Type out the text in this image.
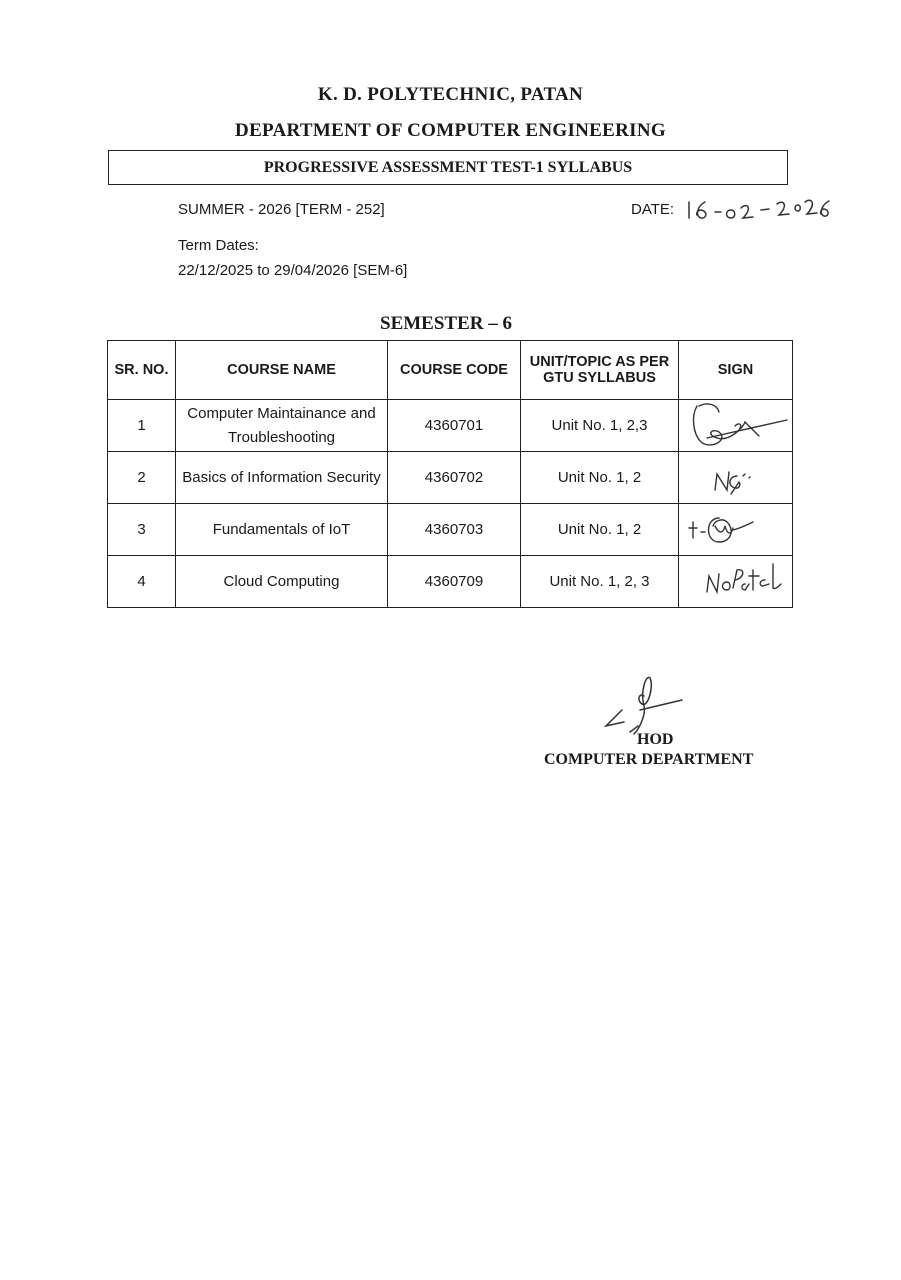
K. D. POLYTECHNIC, PATAN
DEPARTMENT OF COMPUTER ENGINEERING
PROGRESSIVE ASSESSMENT TEST-1 SYLLABUS
SUMMER - 2026 [TERM - 252]	DATE:
Term Dates:
22/12/2025 to 29/04/2026 [SEM-6]
SEMESTER – 6
SR. NO.	COURSE NAME	COURSE CODE	UNIT/TOPIC AS PER GTU SYLLABUS	SIGN
1	Computer Maintainance and Troubleshooting	4360701	Unit No. 1, 2,3	

2	Basics of Information Security	4360702	Unit No. 1, 2	

3	Fundamentals of IoT	4360703	Unit No. 1, 2	

4	Cloud Computing	4360709	Unit No. 1, 2, 3	
HOD
COMPUTER DEPARTMENT
